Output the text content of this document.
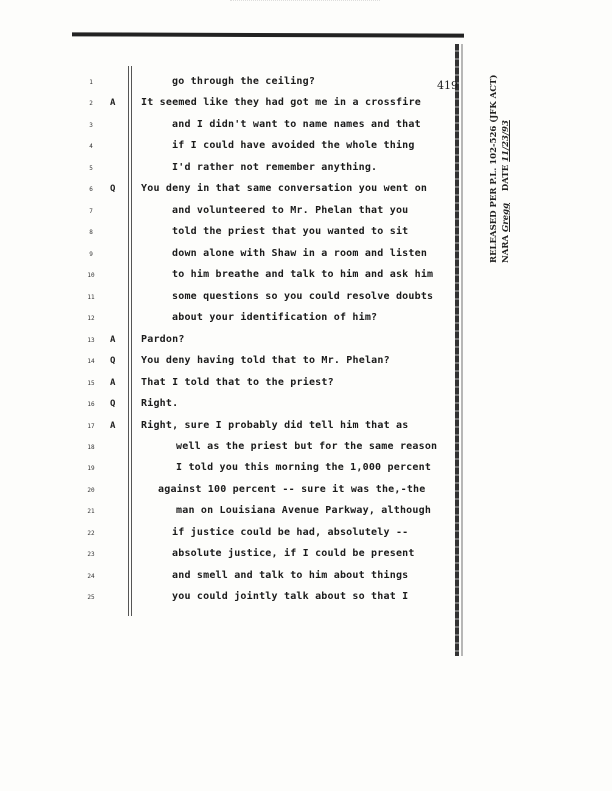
419
1	go through the ceiling?
2	A	It seemed like they had got me in a crossfire
3	and I didn't want to name names and that
4	if I could have avoided the whole thing
5	I'd rather not remember anything.
6	Q	You deny in that same conversation you went on
7	and volunteered to Mr. Phelan that you
8	told the priest that you wanted to sit
9	down alone with Shaw in a room and listen
10	to him breathe and talk to him and ask him
11	some questions so you could resolve doubts
12	about your identification of him?
13	A	Pardon?
14	Q	You deny having told that to Mr. Phelan?
15	A	That I told that to the priest?
16	Q	Right.
17	A	Right, sure I probably did tell him that as
18	well as the priest but for the same reason
19	I told you this morning the 1,000 percent
20	against 100 percent -- sure it was the,-the
21	man on Louisiana Avenue Parkway, although
22	if justice could be had, absolutely --
23	absolute justice, if I could be present
24	and smell and talk to him about things
25	you could jointly talk about so that I
RELEASED PER P.L. 102-526 (JFK ACT) NARA Gregg    DATE 11/23/93
